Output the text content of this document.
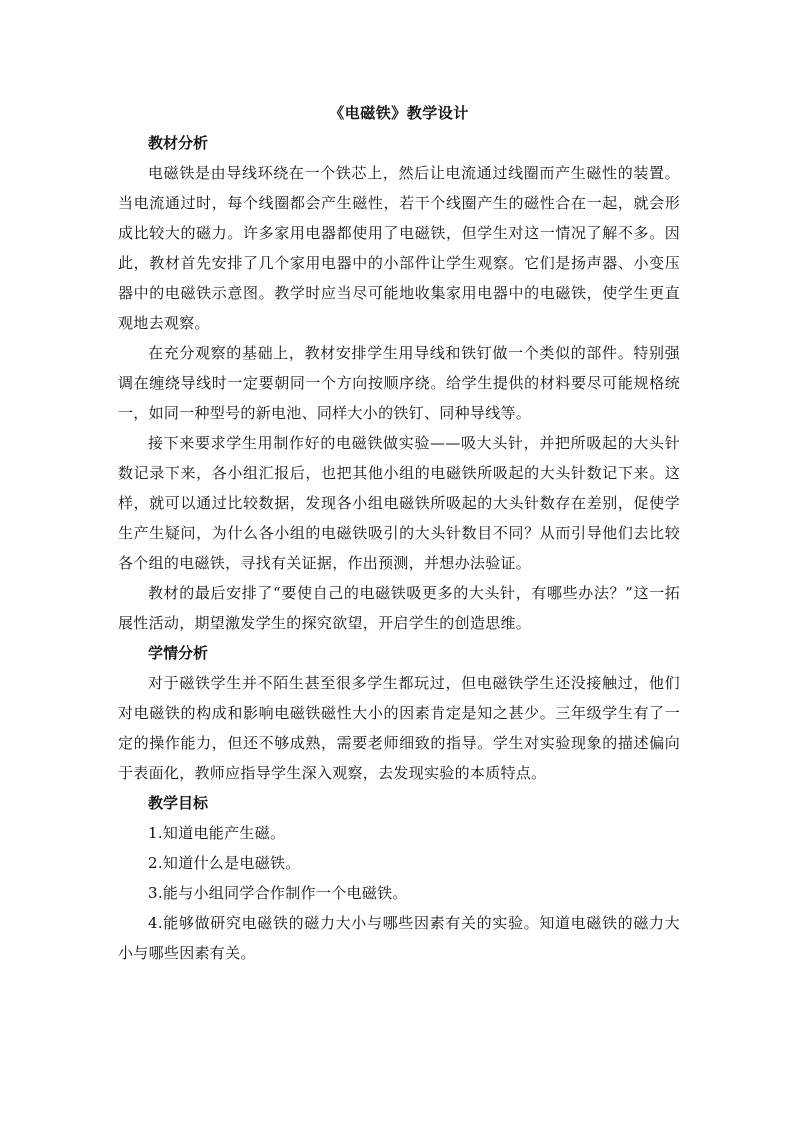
《电磁铁》教学设计

教材分析

电磁铁是由导线环绕在一个铁芯上，然后让电流通过线圈而产生磁性的装置。当电流通过时，每个线圈都会产生磁性，若干个线圈产生的磁性合在一起，就会形成比较大的磁力。许多家用电器都使用了电磁铁，但学生对这一情况了解不多。因此，教材首先安排了几个家用电器中的小部件让学生观察。它们是扬声器、小变压器中的电磁铁示意图。教学时应当尽可能地收集家用电器中的电磁铁，使学生更直观地去观察。

在充分观察的基础上，教材安排学生用导线和铁钉做一个类似的部件。特别强调在缠绕导线时一定要朝同一个方向按顺序绕。给学生提供的材料要尽可能规格统一，如同一种型号的新电池、同样大小的铁钉、同种导线等。

接下来要求学生用制作好的电磁铁做实验——吸大头针，并把所吸起的大头针数记录下来，各小组汇报后，也把其他小组的电磁铁所吸起的大头针数记下来。这样，就可以通过比较数据，发现各小组电磁铁所吸起的大头针数存在差别，促使学生产生疑问，为什么各小组的电磁铁吸引的大头针数目不同？从而引导他们去比较各个组的电磁铁，寻找有关证据，作出预测，并想办法验证。

教材的最后安排了“要使自己的电磁铁吸更多的大头针，有哪些办法？”这一拓展性活动，期望激发学生的探究欲望，开启学生的创造思维。

学情分析

对于磁铁学生并不陌生甚至很多学生都玩过，但电磁铁学生还没接触过，他们对电磁铁的构成和影响电磁铁磁性大小的因素肯定是知之甚少。三年级学生有了一定的操作能力，但还不够成熟，需要老师细致的指导。学生对实验现象的描述偏向于表面化，教师应指导学生深入观察，去发现实验的本质特点。

教学目标

1.知道电能产生磁。

2.知道什么是电磁铁。

3.能与小组同学合作制作一个电磁铁。

4.能够做研究电磁铁的磁力大小与哪些因素有关的实验。知道电磁铁的磁力大小与哪些因素有关。
